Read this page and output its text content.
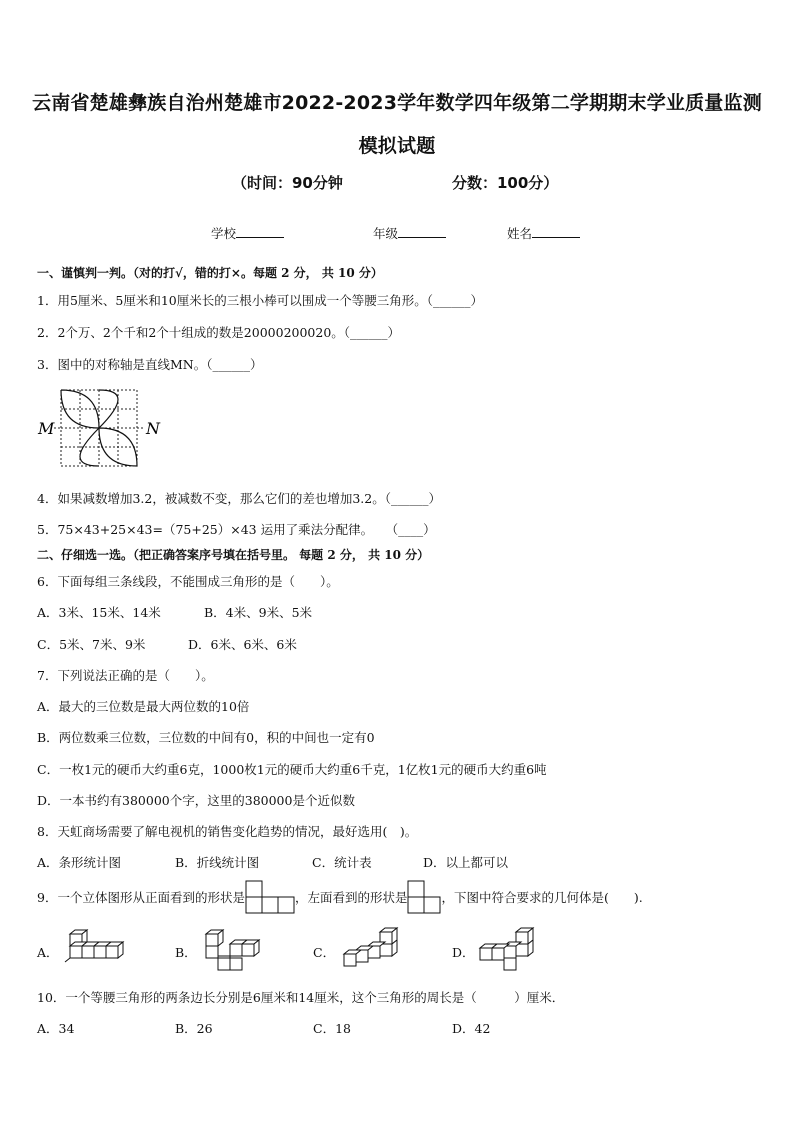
云南省楚雄彝族自治州楚雄市2022-2023学年数学四年级第二学期期末学业质量监测
模拟试题
（时间：90分钟	分数：100分）
学校	年级	姓名
一、谨慎判一判。（对的打√，错的打×。每题 2 分， 共 10 分）
1．用5厘米、5厘米和10厘米长的三根小棒可以围成一个等腰三角形。（______）
2．2个万、2个千和2个十组成的数是20000200020。（______）
3．图中的对称轴是直线MN。（______）
M	N
4．如果减数增加3.2，被减数不变，那么它们的差也增加3.2。（______）
5．75×43+25×43=（75+25）×43 运用了乘法分配律。　　（____）
二、仔细选一选。（把正确答案序号填在括号里。 每题 2 分， 共 10 分）
6．下面每组三条线段，不能围成三角形的是（　　）。
A．3米、15米、14米	B．4米、9米、5米
C．5米、7米、9米	D．6米、6米、6米
7．下列说法正确的是（　　）。
A．最大的三位数是最大两位数的10倍
B．两位数乘三位数，三位数的中间有0，积的中间也一定有0
C．一枚1元的硬币大约重6克，1000枚1元的硬币大约重6千克，1亿枚1元的硬币大约重6吨
D．一本书约有380000个字，这里的380000是个近似数
8．天虹商场需要了解电视机的销售变化趋势的情况，最好选用(　)。
A．条形统计图	B．折线统计图	C．统计表	D．以上都可以
9．一个立体图形从正面看到的形状是	，左面看到的形状是	，下图中符合要求的几何体是(　　).
A．	B．	C．	D．
10．一个等腰三角形的两条边长分别是6厘米和14厘米，这个三角形的周长是（　　　）厘米．
A．34	B．26	C．18	D．42
